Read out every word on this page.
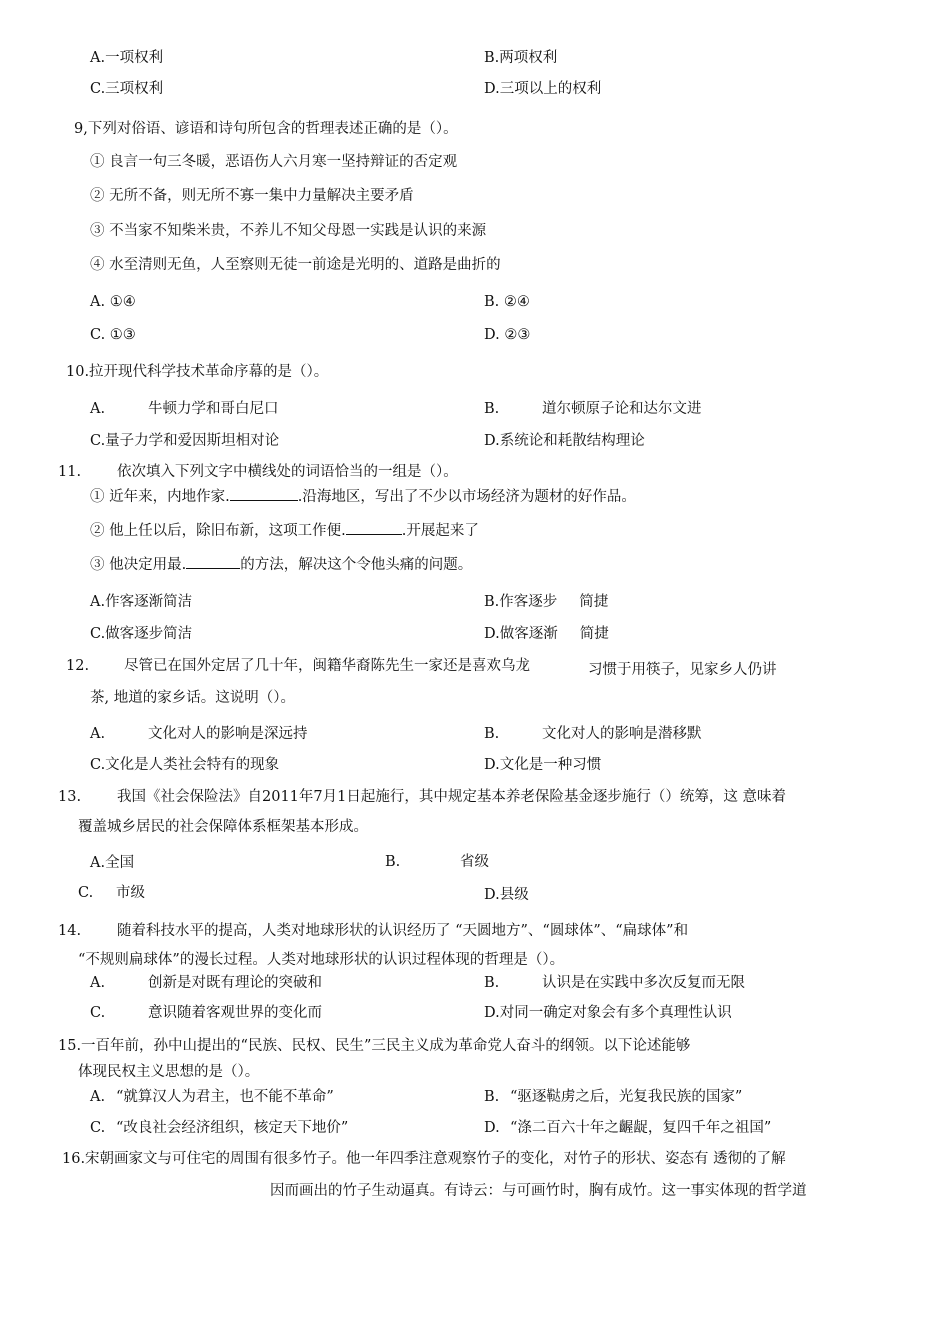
A.一项权利	B.两项权利
C.三项权利	D.三项以上的权利
9,下列对俗语、谚语和诗句所包含的哲理表述正确的是（）。
① 良言一句三冬暖，恶语伤人六月寒一坚持辩证的否定观
② 无所不备，则无所不寡一集中力量解决主要矛盾
③ 不当家不知柴米贵，不养儿不知父母恩一实践是认识的来源
④ 水至清则无鱼，人至察则无徒一前途是光明的、道路是曲折的
A. ①④	B. ②④
C. ①③	D. ②③
10.拉开现代科学技术革命序幕的是（）。
A.	牛顿力学和哥白尼口	B.	道尔顿原子论和达尔文进
C.量子力学和爱因斯坦相对论	D.系统论和耗散结构理论
11. 依次填入下列文字中横线处的词语恰当的一组是（）。
① 近年来，内地作家.	.沿海地区，写出了不少以市场经济为题材的好作品。
② 他上任以后，除旧布新，这项工作便.	.开展起来了
③ 他决定用最.	的方法，解决这个令他头痛的问题。
A.作客逐渐简洁	B.作客逐步 简捷
C.做客逐步简洁	D.做客逐渐 简捷
12. 尽管已在国外定居了几十年，闽籍华裔陈先生一家还是喜欢乌龙	习惯于用筷子，见家乡人仍讲
茶, 地道的家乡话。这说明（）。
A.	文化对人的影响是深远持	B.	文化对人的影响是潜移默
C.文化是人类社会特有的现象	D.文化是一种习惯
13. 我国《社会保险法》自2011年7月1日起施行，其中规定基本养老保险基金逐步施行（）统筹，这 意味着
覆盖城乡居民的社会保障体系框架基本形成。
A.全国	B.	省级
C. 市级	D.县级
14. 随着科技水平的提高，人类对地球形状的认识经历了 “天圆地方”、“圆球体”、“扁球体”和
“不规则扁球体”的漫长过程。人类对地球形状的认识过程体现的哲理是（）。
A.	创新是对既有理论的突破和	B.	认识是在实践中多次反复而无限
C.	意识随着客观世界的变化而	D.对同一确定对象会有多个真理性认识
15.一百年前，孙中山提出的“民族、民权、民生”三民主义成为革命党人奋斗的纲领。以下论述能够
体现民权主义思想的是（）。
A. “就算汉人为君主，也不能不革命”	B. “驱逐鞑虏之后，光复我民族的国家”
C. “改良社会经济组织，核定天下地价”	D. “涤二百六十年之齷龊，复四千年之祖国”
16.宋朝画家文与可住宅的周围有很多竹子。他一年四季注意观察竹子的变化，对竹子的形状、姿态有 透彻的了解
因而画出的竹子生动逼真。有诗云：与可画竹时，胸有成竹。这一事实体现的哲学道
